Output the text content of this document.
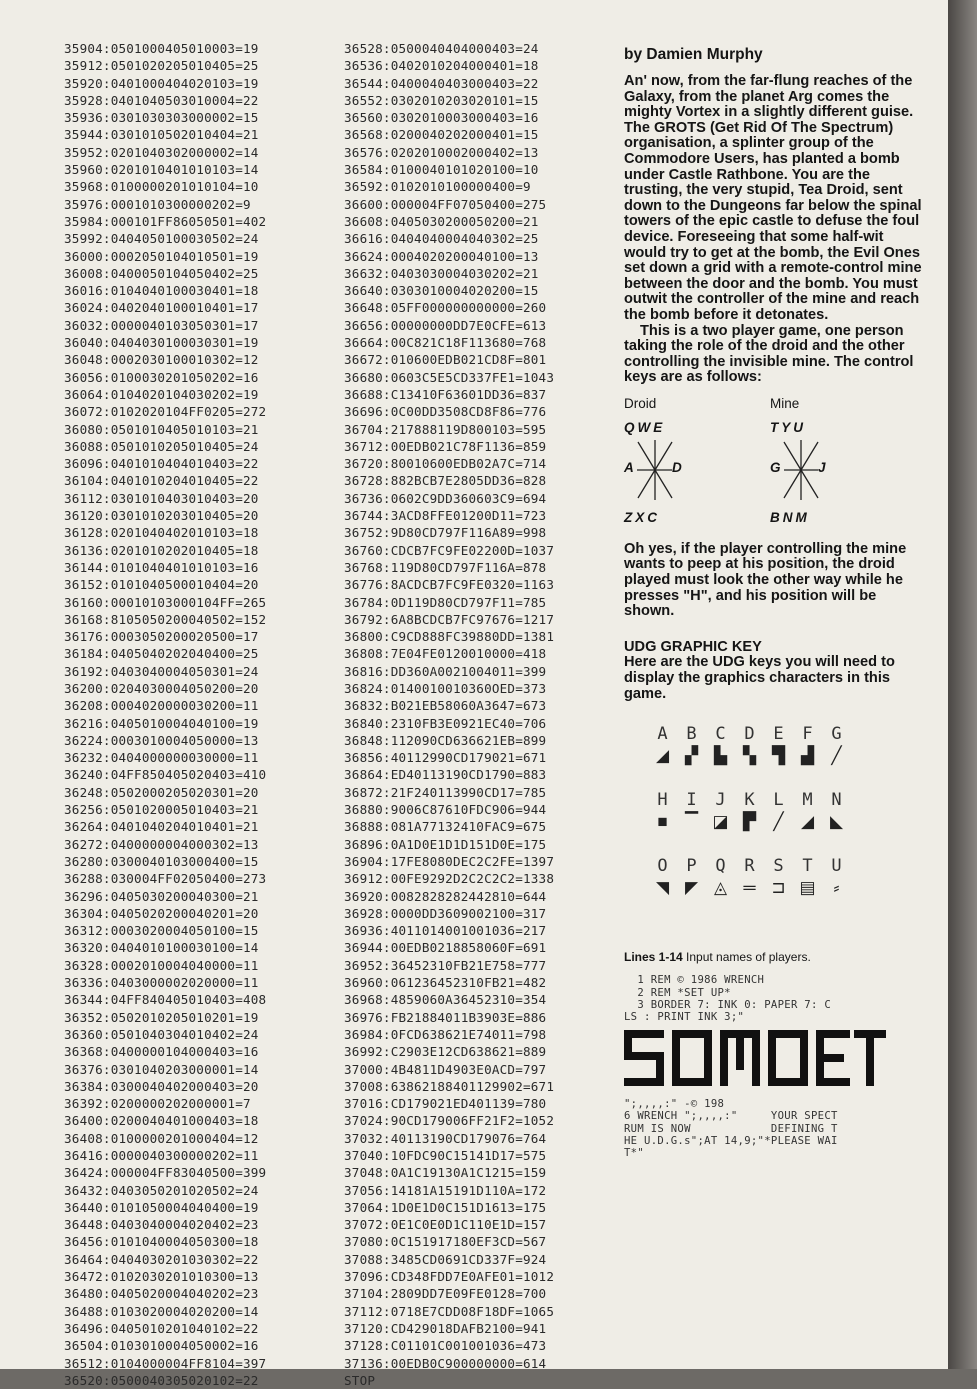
35904:0501000405010003=19
35912:0501020205010405=25
35920:0401000404020103=19
35928:0401040503010004=22
35936:0301030303000002=15
35944:0301010502010404=21
35952:0201040302000002=14
35960:0201010401010103=14
35968:0100000201010104=10
35976:0001010300000202=9
35984:000101FF86050501=402
35992:0404050100030502=24
36000:0002050104010501=19
36008:0400050104050402=25
36016:0104040100030401=18
36024:0402040100010401=17
36032:0000040103050301=17
36040:0404030100030301=19
36048:0002030100010302=12
36056:0100030201050202=16
36064:0104020104030202=19
36072:0102020104FF0205=272
36080:0501010405010103=21
36088:0501010205010405=24
36096:0401010404010403=22
36104:0401010204010405=22
36112:0301010403010403=20
36120:0301010203010405=20
36128:0201040402010103=18
36136:0201010202010405=18
36144:0101040401010103=16
36152:0101040500010404=20
36160:00010103000104FF=265
36168:8105050200040502=152
36176:0003050200020500=17
36184:0405040202040400=25
36192:0403040004050301=24
36200:0204030004050200=20
36208:0004020000030200=11
36216:0405010004040100=19
36224:0003010004050000=13
36232:0404000000030000=11
36240:04FF850405020403=410
36248:0502000205020301=20
36256:0501020005010403=21
36264:0401040204010401=21
36272:0400000004000302=13
36280:0300040103000400=15
36288:030004FF02050400=273
36296:0405030200040300=21
36304:0405020200040201=20
36312:0003020004050100=15
36320:0404010100030100=14
36328:0002010004040000=11
36336:0403000002020000=11
36344:04FF840405010403=408
36352:0502010205010201=19
36360:0501040304010402=24
36368:0400000104000403=16
36376:0301040203000001=14
36384:0300040402000403=20
36392:0200000202000001=7
36400:0200040401000403=18
36408:0100000201000404=12
36416:0000040300000202=11
36424:000004FF83040500=399
36432:0403050201020502=24
36440:0101050004040400=19
36448:0403040004020402=23
36456:0101040004050300=18
36464:0404030201030302=22
36472:0102030201010300=13
36480:0405020004040202=23
36488:0103020004020200=14
36496:0405010201040102=22
36504:0103010004050002=16
36512:0104000004FF8104=397
36520:0500040305020102=22
36528:0500040404000403=24
36536:0402010204000401=18
36544:0400040403000403=22
36552:0302010203020101=15
36560:0302010003000403=16
36568:0200040202000401=15
36576:0202010002000402=13
36584:0100040101020100=10
36592:0102010100000400=9
36600:000004FF07050400=275
36608:0405030200050200=21
36616:0404040004040302=25
36624:0004020200040100=13
36632:0403030004030202=21
36640:0303010004020200=15
36648:05FF000000000000=260
36656:00000000DD7E0CFE=613
36664:00C821C18F113680=768
36672:010600EDB021CD8F=801
36680:0603C5E5CD337FE1=1043
36688:C13410F63601DD36=837
36696:0C00DD3508CD8F86=776
36704:217888119D800103=595
36712:00EDB021C78F1136=859
36720:80010600EDB02A7C=714
36728:882BCB7E2805DD36=828
36736:0602C9DD360603C9=694
36744:3ACD8FFE01200D11=723
36752:9D80CD797F116A89=998
36760:CDCB7FC9FE02200D=1037
36768:119D80CD797F116A=878
36776:8ACDCB7FC9FE0320=1163
36784:0D119D80CD797F11=785
36792:6A8BCDCB7FC97676=1217
36800:C9CD888FC39880DD=1381
36808:7E04FE0120010000=418
36816:DD360A0021004011=399
36824:0140010010360OED=373
36832:B021EB58060A3647=673
36840:2310FB3E0921EC40=706
36848:112090CD636621EB=899
36856:40112990CD179021=671
36864:ED40113190CD1790=883
36872:21F240113990CD17=785
36880:9006C87610FDC906=944
36888:081A77132410FAC9=675
36896:0A1D0E1D1D151D0E=175
36904:17FE8080DEC2C2FE=1397
36912:00FE9292D2C2C2C2=1338
36920:0082828282442810=644
36928:0000DD3609002100=317
36936:4011014001001036=217
36944:00EDB0218858060F=691
36952:36452310FB21E758=777
36960:061236452310FB21=482
36968:4859060A36452310=354
36976:FB21884011B3903E=886
36984:0FCD638621E74011=798
36992:C2903E12CD638621=889
37000:4B4811D4903E0ACD=797
37008:63862188401129902=671
37016:CD179021ED401139=780
37024:90CD179006FF21F2=1052
37032:40113190CD179076=764
37040:10FDC90C15141D17=575
37048:0A1C19130A1C1215=159
37056:14181A15191D110A=172
37064:1D0E1D0C151D1613=175
37072:0E1C0E0D1C110E1D=157
37080:0C151917180EF3CD=567
37088:3485CD0691CD337F=924
37096:CD348FDD7E0AFE01=1012
37104:2809DD7E09FE0128=700
37112:0718E7CDD08F18DF=1065
37120:CD429018DAFB2100=941
37128:C01101C001001036=473
37136:00EDB0C900000000=614
STOP

by Damien Murphy

An' now, from the far-flung reaches of the Galaxy, from the planet Arg comes the mighty Vortex in a slightly different guise. The GROTS (Get Rid Of The Spectrum) organisation, a splinter group of the Commodore Users, has planted a bomb under Castle Rathbone. You are the trusting, the very stupid, Tea Droid, sent down to the Dungeons far below the spinal towers of the epic castle to defuse the foul device. Foreseeing that some half-wit would try to get at the bomb, the Evil Ones set down a grid with a remote-control mine between the door and the bomb. You must outwit the controller of the mine and reach the bomb before it detonates.

This is a two player game, one person taking the role of the droid and the other controlling the invisible mine. The control keys are as follows:

Droid	Mine
QWE	TYU
A	D	G	J
ZXC	BNM

Oh yes, if the player controlling the mine wants to peep at his position, the droid played must look the other way while he presses "H", and his position will be shown.

UDG GRAPHIC KEY

Here are the UDG keys you will need to display the graphics characters in this game.

A	B	C	D	E	F	G
◢ ▞ ▙ ▚ ▜ ▟	╱
H	I	J	K	L	M	N
■	▔ ◪ ▛	╱	◢ ◣
O	P	Q	R	S	T	U
◥ ◤ ◬ ═ ⊐ ▤	⸗
Lines 1-14 Input names of players.
1 REM © 1986 WRENCH
2 REM *SET UP*
3 BORDER 7: INK 0: PAPER 7: C
LS : PRINT INK 3;"
";,,,,:" -© 198
6 WRENCH ";,,,,:"     YOUR SPECT
RUM IS NOW            DEFINING T
HE U.D.G.s";AT 14,9;"*PLEASE WAI
T*"
